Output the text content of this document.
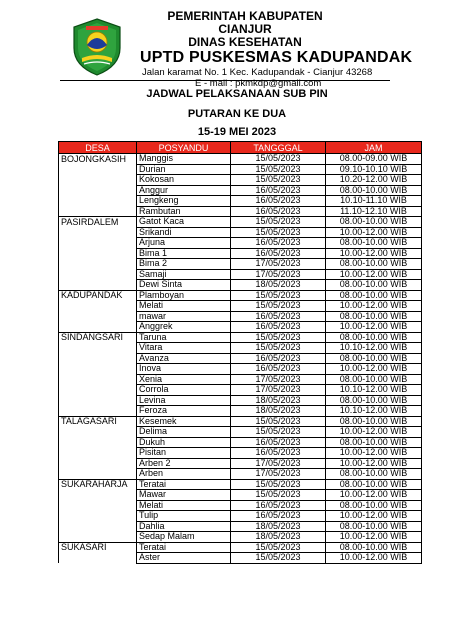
PEMERINTAH KABUPATEN CIANJUR
DINAS KESEHATAN
UPTD PUSKESMAS KADUPANDAK
Jalan karamat No. 1 Kec. Kadupandak - Cianjur 43268
E - mail : pkmkdp@gmail.com
JADWAL PELAKSANAAN SUB PIN
PUTARAN KE DUA
15-19 MEI 2023
DESA	POSYANDU	TANGGGAL	JAM
BOJONGKASIH	Manggis	15/05/2023	08.00-09.00 WIB
	Durian	15/05/2023	09.10-10.10 WIB
	Kokosan	15/05/2023	10.20-12.00 WIB
	Anggur	16/05/2023	08.00-10.00 WIB
	Lengkeng	16/05/2023	10.10-11.10 WIB
	Rambutan	16/05/2023	11.10-12.10 WIB
PASIRDALEM	Gatot Kaca	15/05/2023	08.00-10.00 WIB
	Srikandi	15/05/2023	10.00-12.00 WIB
	Arjuna	16/05/2023	08.00-10.00 WIB
	Bima 1	16/05/2023	10.00-12.00 WIB
	Bima 2	17/05/2023	08.00-10.00 WIB
	Samaji	17/05/2023	10.00-12.00 WIB
	Dewi Sinta	18/05/2023	08.00-10.00 WIB
KADUPANDAK	Plamboyan	15/05/2023	08.00-10.00 WIB
	Melati	15/05/2023	10.00-12.00 WIB
	mawar	16/05/2023	08.00-10.00 WIB
	Anggrek	16/05/2023	10.00-12.00 WIB
SINDANGSARI	Taruna	15/05/2023	08.00-10.00 WIB
	Vitara	15/05/2023	10.10-12.00 WIB
	Avanza	16/05/2023	08.00-10.00 WIB
	Inova	16/05/2023	10.00-12.00 WIB
	Xenia	17/05/2023	08.00-10.00 WIB
	Corrola	17/05/2023	10.10-12.00 WIB
	Levina	18/05/2023	08.00-10.00 WIB
	Feroza	18/05/2023	10.10-12.00 WIB
TALAGASARI	Kesemek	15/05/2023	08.00-10.00 WIB
	Delima	15/05/2023	10.00-12.00 WIB
	Dukuh	16/05/2023	08.00-10.00 WIB
	Pisitan	16/05/2023	10.00-12.00 WIB
	Arben 2	17/05/2023	10.00-12.00 WIB
	Arben	17/05/2023	08.00-10.00 WIB
SUKARAHARJA	Teratai	15/05/2023	08.00-10.00 WIB
	Mawar	15/05/2023	10.00-12.00 WIB
	Melati	16/05/2023	08.00-10.00 WIB
	Tulip	16/05/2023	10.00-12.00 WIB
	Dahlia	18/05/2023	08.00-10.00 WIB
	Sedap Malam	18/05/2023	10.00-12.00 WIB
SUKASARI	Teratai	15/05/2023	08.00-10.00 WIB
	Aster	15/05/2023	10.00-12.00 WIB
